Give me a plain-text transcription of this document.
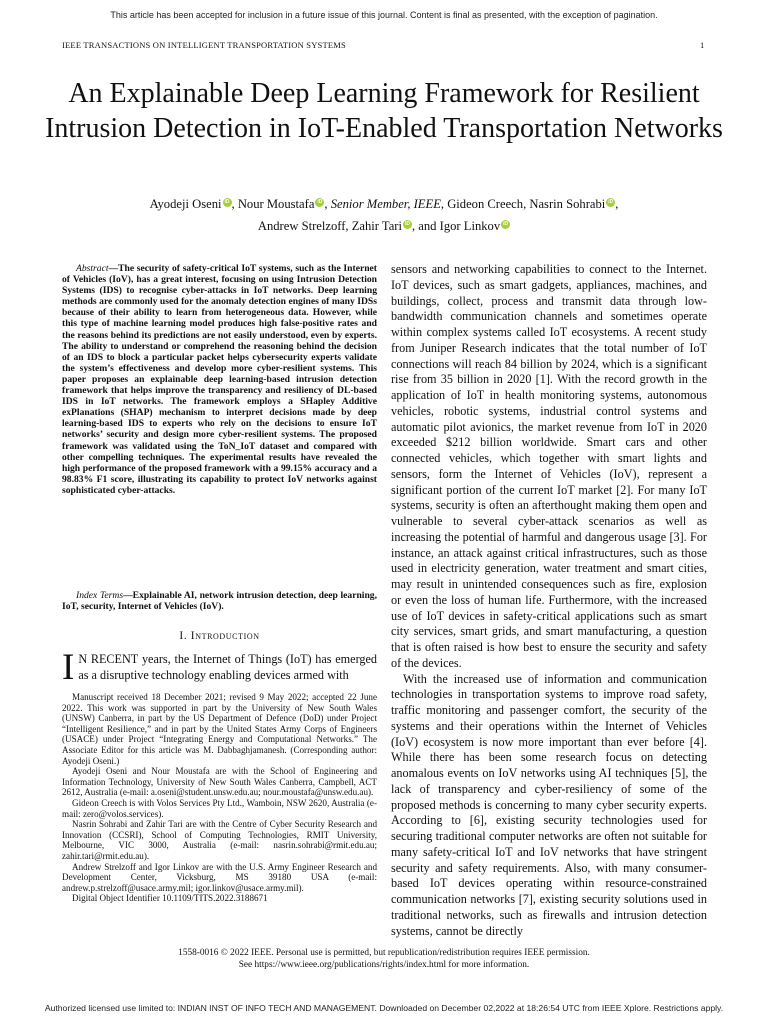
This article has been accepted for inclusion in a future issue of this journal. Content is final as presented, with the exception of pagination.
IEEE TRANSACTIONS ON INTELLIGENT TRANSPORTATION SYSTEMS	1
An Explainable Deep Learning Framework for Resilient Intrusion Detection in IoT-Enabled Transportation Networks
Ayodeji Oseni iD , Nour Moustafa iD , Senior Member, IEEE, Gideon Creech, Nasrin Sohrabi iD ,
Andrew Strelzoff, Zahir Tari iD , and Igor Linkov iD

Abstract—The security of safety-critical IoT systems, such as the Internet of Vehicles (IoV), has a great interest, focusing on using Intrusion Detection Systems (IDS) to recognise cyber-attacks in IoT networks. Deep learning methods are commonly used for the anomaly detection engines of many IDSs because of their ability to learn from heterogeneous data. However, while this type of machine learning model produces high false-positive rates and the reasons behind its predictions are not easily understood, even by experts. The ability to understand or comprehend the reasoning behind the decision of an IDS to block a particular packet helps cybersecurity experts validate the system’s effectiveness and develop more cyber-resilient systems. This paper proposes an explainable deep learning-based intrusion detection framework that helps improve the transparency and resiliency of DL-based IDS in IoT networks. The framework employs a SHapley Additive exPlanations (SHAP) mechanism to interpret decisions made by deep learning-based IDS to experts who rely on the decisions to ensure IoT networks’ security and design more cyber-resilient systems. The proposed framework was validated using the ToN_IoT dataset and compared with other compelling techniques. The experimental results have revealed the high performance of the proposed framework with a 99.15% accuracy and a 98.83% F1 score, illustrating its capability to protect IoV networks against sophisticated cyber-attacks.

Index Terms—Explainable AI, network intrusion detection, deep learning, IoT, security, Internet of Vehicles (IoV).

I. Introduction

I N RECENT years, the Internet of Things (IoT) has emerged as a disruptive technology enabling devices armed with

Manuscript received 18 December 2021; revised 9 May 2022; accepted 22 June 2022. This work was supported in part by the University of New South Wales (UNSW) Canberra, in part by the US Department of Defence (DoD) under Project “Intelligent Resilience,” and in part by the United States Army Corps of Engineers (USACE) under Project “Integrating Energy and Computational Networks.” The Associate Editor for this article was M. Dabbaghjamanesh. (Corresponding author: Ayodeji Oseni.)

Ayodeji Oseni and Nour Moustafa are with the School of Engineering and Information Technology, University of New South Wales Canberra, Campbell, ACT 2612, Australia (e-mail: a.oseni@student.unsw.edu.au; nour.moustafa@unsw.edu.au).

Gideon Creech is with Volos Services Pty Ltd., Wamboin, NSW 2620, Australia (e-mail: zero@volos.services).

Nasrin Sohrabi and Zahir Tari are with the Centre of Cyber Security Research and Innovation (CCSRI), School of Computing Technologies, RMIT University, Melbourne, VIC 3000, Australia (e-mail: nasrin.sohrabi@rmit.edu.au; zahir.tari@rmit.edu.au).

Andrew Strelzoff and Igor Linkov are with the U.S. Army Engineer Research and Development Center, Vicksburg, MS 39180 USA (e-mail: andrew.p.strelzoff@usace.army.mil; igor.linkov@usace.army.mil).

Digital Object Identifier 10.1109/TITS.2022.3188671

sensors and networking capabilities to connect to the Internet. IoT devices, such as smart gadgets, appliances, machines, and buildings, collect, process and transmit data through low-bandwidth communication channels and sometimes operate within complex systems called IoT ecosystems. A recent study from Juniper Research indicates that the total number of IoT connections will reach 84 billion by 2024, which is a significant rise from 35 billion in 2020 [1]. With the record growth in the application of IoT in health monitoring systems, autonomous vehicles, robotic systems, industrial control systems and automatic pilot avionics, the market revenue from IoT in 2020 exceeded $212 billion worldwide. Smart cars and other connected vehicles, which together with smart lights and sensors, form the Internet of Vehicles (IoV), represent a significant portion of the current IoT market [2]. For many IoT systems, security is often an afterthought making them open and vulnerable to several cyber-attack scenarios as well as increasing the potential of harmful and dangerous usage [3]. For instance, an attack against critical infrastructures, such as those used in electricity generation, water treatment and smart cities, may result in unintended consequences such as fire, explosion or even the loss of human life. Furthermore, with the increased use of IoT devices in safety-critical applications such as smart city services, smart grids, and smart manufacturing, a question that is often raised is how best to ensure the security and safety of the devices.

With the increased use of information and communication technologies in transportation systems to improve road safety, traffic monitoring and passenger comfort, the security of the systems and their operations within the Internet of Vehicles (IoV) ecosystem is now more important than ever before [4]. While there has been some research focus on detecting anomalous events on IoV networks using AI techniques [5], the lack of transparency and cyber-resiliency of some of the proposed methods is concerning to many cyber security experts. According to [6], existing security technologies used for securing traditional computer networks are often not suitable for many safety-critical IoT and IoV networks that have stringent security and safety requirements. Also, with many consumer-based IoT devices operating within resource-constrained communication networks [7], existing security solutions used in traditional networks, such as firewalls and intrusion detection systems, cannot be directly

1558-0016 © 2022 IEEE. Personal use is permitted, but republication/redistribution requires IEEE permission.
See https://www.ieee.org/publications/rights/index.html for more information.
Authorized licensed use limited to: INDIAN INST OF INFO TECH AND MANAGEMENT. Downloaded on December 02,2022 at 18:26:54 UTC from IEEE Xplore. Restrictions apply.
